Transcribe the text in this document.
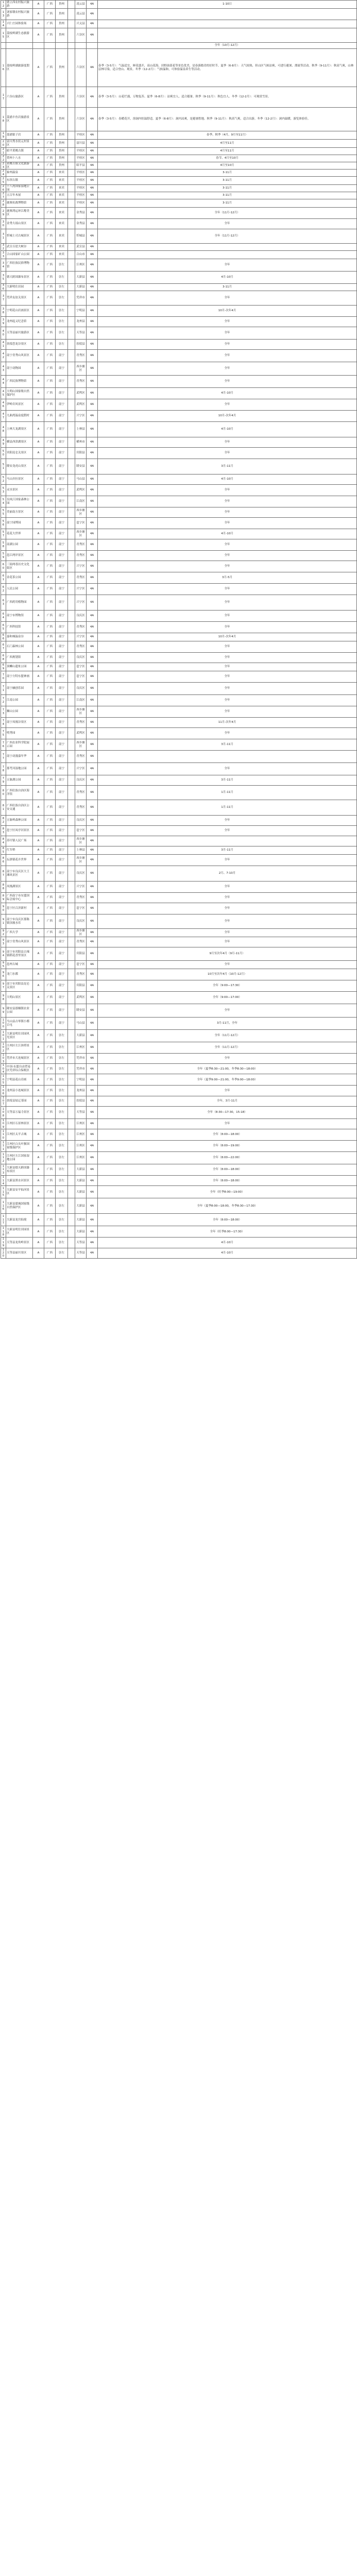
1 2	德立西农村振兴旅游	A	广西	贵州		凌云县	4A	1-10日
1 3	刘家墩农村振兴旅游	A	广西	贵州		凌云县	4A	
1 4	兴仁庄园体验场	A	广西	贵州		兴义县	4A	
1 5	荔枝岭湖生态旅游区	A	广西	贵州		六谷区	4A	
								全年（10月-12月）
1 6	荔枝岭湖旅游度假区	A	广西	贵州		六谷区	4A	春季（3-5月）：气温适宜，鲜花盛开，高山花海、田野油菜花等景色优美，是春游踏青的好时节。夏季（6-8月）：天气较热，但山区气候凉爽，可进行避暑、漂流等活动。秋季（9-11月）：秋高气爽，山林层林尽染，适合登山、观景。冬季（12-2月）：气候温和，可体验温泉养生等活动。
1 7	六谷山旅游区	A	广西	贵州		六谷区	4A	春季（3-5月）：山花烂漫，万物复苏。夏季（6-8月）：凉爽宜人，适合避暑。秋季（9-11月）：秋色宜人。冬季（12-2月）：可观赏雪景。
1 8	荔浦丰鱼岩旅游景区	A	广西	贵州		六谷区	4A	春季（3-5月）：春暖花开，溶洞内恒温舒适。夏季（6-8月）：洞内凉爽，是避暑胜地。秋季（9-11月）：秋高气爽，适合出游。冬季（12-2月）：洞内温暖，游览体验佳。
1 9	荔浦银子岩	A	广西	贵州		平桂区	4A	春季、秋季（4月、9月至11月）
2 0	富川秀水状元村景区	A	广西	贵州		富川县	4A	4月至11月
2 1	昭平黄姚古镇	A	广西	贵州		平桂区	4A	4月至11月
2 2	贺州十八水	A	广西	贵州		平桂区	4A	春节、4月至10月
2 3	黄姚古镇文化旅游区	A	广西	贵州		昭平县	4A	4月至10月
2 4	象州温泉	A	广西	来宾		平桂区	4A	3-11月
2 5	东坝古镇	A	广西	来宾		平桂区	4A	3-11月
2 6	十八湾国家湿地公园	A	广西	来宾		平桂区	4A	3-11月
2 7	五百年木屋	A	广西	来宾		平桂区	4A	3-11月
2 8	鹿寨抗战博物馆	A	广西	来宾		平桂区	4A	3-11月
2 9	鹿寨鸿运环江醇美区	A	广西	来宾		金秀县	4A	全年（11月-12月）
3 0	金秀大瑶山景区	A	广西	来宾		金秀县	4A	全年
3 1	忻城土司古城景区	A	广西	来宾		忻城县	4A	全年（11月-12月）
3 2	武宣百崖大峡谷	A	广西	来宾		武宣县	4A	
3 3	合山国家矿山公园	A	广西	来宾		合山市	4A	
3 4	广西壮族民俗博物馆	A	广西	崇左		江州区	4A	全年
3 5	德天跨国瀑布景区	A	广西	崇左		大新县	4A	4月-10月
3 6	大新明仕田园	A	广西	崇左		大新县	4A	3-11月
3 7	凭祥友谊关景区	A	广西	崇左		凭祥市	4A	全年
3 8	宁明花山岩画景区	A	广西	崇左		宁明县	4A	10月-次年4月
3 9	龙州起义纪念馆	A	广西	崇左		龙州县	4A	全年
4 0	天等县丽川旅游区	A	广西	崇左		天等县	4A	全年
4 1	扶绥恐龙谷景区	A	广西	崇左		扶绥县	4A	全年
4 2	南宁青秀山风景区	A	广西	南宁		青秀区	4A	全年
4 3	南宁动物园	A	广西	南宁		西乡塘区	4A	全年
4 4	广西民族博物馆	A	广西	南宁		青秀区	4A	全年
4 5	大明山国家级自然保护区	A	广西	南宁		武鸣区	4A	4月-10月
4 6	伊岭岩风景区	A	广西	南宁		武鸣区	4A	全年
4 7	九曲湾温泉度假村	A	广西	南宁		兴宁区	4A	10月-次年4月
4 8	上林大龙湖景区	A	广西	南宁		上林县	4A	4月-10月
4 9	横县西津湖景区	A	广西	南宁		横州市	4A	全年
5 0	宾阳昆仑关景区	A	广西	南宁		宾阳县	4A	全年
5 1	隆安龙虎山景区	A	广西	南宁		隆安县	4A	3月-11月
5 2	马山弄拉景区	A	广西	南宁		马山县	4A	4月-10月
5 3	灵水景区	A	广西	南宁		武鸣区	4A	全年
5 4	良凤江国家森林公园	A	广西	南宁		江南区	4A	全年
5 5	美丽南方景区	A	广西	南宁		西乡塘区	4A	全年
5 6	南宁园博园	A	广西	南宁		邕宁区	4A	全年
5 7	花花大世界	A	广西	南宁		西乡塘区	4A	4月-10月
5 8	南湖公园	A	广西	南宁		青秀区	4A	全年
5 9	邕江两岸景区	A	广西	南宁		青秀区	4A	全年
6 0	三街两巷历史文化街区	A	广西	南宁		兴宁区	4A	全年
6 1	金花茶公园	A	广西	南宁		青秀区	4A	3月-5月
6 2	人民公园	A	广西	南宁		兴宁区	4A	全年
6 3	广西药用植物园	A	广西	南宁		兴宁区	4A	全年
6 4	南宁市博物馆	A	广西	南宁		良庆区	4A	全年
6 5	广西科技馆	A	广西	南宁		青秀区	4A	全年
6 6	嘉和城温泉谷	A	广西	南宁		兴宁区	4A	10月-次年4月
6 7	石门森林公园	A	广西	南宁		青秀区	4A	全年
6 8	广西规划馆	A	广西	南宁		良庆区	4A	全年
6 9	顶蛳山遗址公园	A	广西	南宁		邕宁区	4A	全年
7 0	南宁方特东盟神画	A	广西	南宁		邕宁区	4A	全年
7 1	南宁融创乐园	A	广西	南宁		良庆区	4A	全年
7 2	江南公园	A	广西	南宁		江南区	4A	全年
7 3	狮山公园	A	广西	南宁		西乡塘区	4A	全年
7 4	南宁凤凰谷景区	A	广西	南宁		青秀区	4A	11月-次年4月
7 5	明秀园	A	广西	南宁		武鸣区	4A	全年
7 6	广西农业科学院展示园	A	广西	南宁		西乡塘区	4A	3月-11月
7 7	南宁动漫嘉年华	A	广西	南宁		青秀区	4A	
7 8	那考河湿地公园	A	广西	南宁		兴宁区	4A	全年
7 9	五象湖公园	A	广西	南宁		良庆区	4A	3月-11月
8 0	广西壮族自治区海洋馆	A	广西	南宁		青秀区	4A	1月-11月
8 1	广西壮族自治区公安交通	A	广西	南宁		青秀区	4A	1月-11月
8 2	五象岭森林公园	A	广西	南宁		良庆区	4A	全年
8 3	邕宁区凤亭河景区	A	广西	南宁		邕宁区	4A	全年
8 4	苏圩镇人民广场	A	广西	南宁		西乡塘区	4A	
8 5	红军桥	A	广西	南宁		上林县	4A	3月-11月
8 6	坛洛镇花卉世界	A	广西	南宁		西乡塘区	4A	全年
8 7	南宁市良庆区大王滩风景区	A	广西	南宁		良庆区	4A	2月、7-10月
8 8	凤凰湖景区	A	广西	南宁		兴宁区	4A	全年
8 9	广西南宁市东盟国际会展中心	A	广西	南宁		青秀区	4A	全年
9 0	邕宁区百济新村	A	广西	南宁		邕宁区	4A	全年
9 1	南宁市良庆区那陈镇顶坡水库	A	广西	南宁		良庆区	4A	全年
9 2	广西大学	A	广西	南宁		西乡塘区	4A	全年
9 3	南宁青秀山风景区	A	广西	南宁		青秀区	4A	全年
9 4	南宁市宾阳县古辣镇稻花香里景区	A	广西	南宁		宾阳县	4A	9月至次年4月（9月-11月）
9 5	邕州古城	A	广西	南宁		邕宁区	4A	全年
9 6	龙门水都	A	广西	南宁		青秀区	4A	10月至次年4月（10月-12月）
9 7	南宁市宾阳县昆仑关景区	A	广西	南宁		宾阳县	4A	全年（9:00—17:30）
9 8	大明山景区	A	广西	南宁		武鸣区	4A	全年（9:00—17:00）
9 9	隆安县那桐镇农业公园	A	广西	南宁		隆安县	4A	全年
1 0 0	马山县古零镇小都百屯	A	广西	南宁		马山县	4A	3月-11月，全年
1 0 1	大新县明仕田园风光景区	A	广西	崇左		大新县	4A	全年（11月-12月）
1 0 2	江州区左江斜塔景区	A	广西	崇左		江州区	4A	全年（11月-12月）
1 0 3	凭祥市大连城景区	A	广西	崇左		凭祥市	4A	全年
1 0 4	中国-东盟自由贸易区凭祥综合保税区	A	广西	崇左		凭祥市	4A	全年（夏季8:30—21:00，冬季8:30—18:00）
1 0 5	宁明县花山岩画	A	广西	崇左		宁明县	4A	全年（夏季9:00—21:00，冬季9:00—18:00）
1 0 6	龙州县小连城景区	A	广西	崇左		龙州县	4A	全年
1 0 7	扶绥县姑辽茶园	A	广西	崇左		扶绥县	4A	全年，3月-11月
1 0 8	天等县万福寺景区	A	广西	崇左		天等县	4A	全年（8:30—17:30，15-18）
1 0 9	江州区石景林景区	A	广西	崇左		江州区	4A	全年
1 1 0	江州区太平古城	A	广西	崇左		江州区	4A	全年（8:00—18:00）
1 1 1	江州区白头叶猴国家级保护区	A	广西	崇左		江州区	4A	全年（8:00—19:00）
1 1 2	江州区左江国家湿地公园	A	广西	崇左		江州区	4A	全年（8:00—22:00）
1 1 3	大新县德天跨国瀑布景区	A	广西	崇左		大新县	4A	全年（8:00—18:00）
1 1 4	大新县黑水河景区	A	广西	崇左		大新县	4A	全年（8:00—18:00）
1 1 5	大新县安平仙河景区	A	广西	崇左		大新县	4A	全年（旺季8:00—19:00）
1 1 6	大新县恩城国家级自然保护区	A	广西	崇左		大新县	4A	全年（夏季8:00—18:00，冬季8:30—17:30）
1 1 7	大新县龙宫仙境	A	广西	崇左		大新县	4A	全年（8:00—18:00）
1 1 8	大新县明仕田园景区	A	广西	崇左		大新县	4A	全年（旺季8:00—17:30）
1 1 9	天等县龙角岭景区	A	广西	崇左		天等县	4A	4月-10月
1 2 0	天等县丽川景区	A	广西	崇左		天等县	4A	4月-10月
